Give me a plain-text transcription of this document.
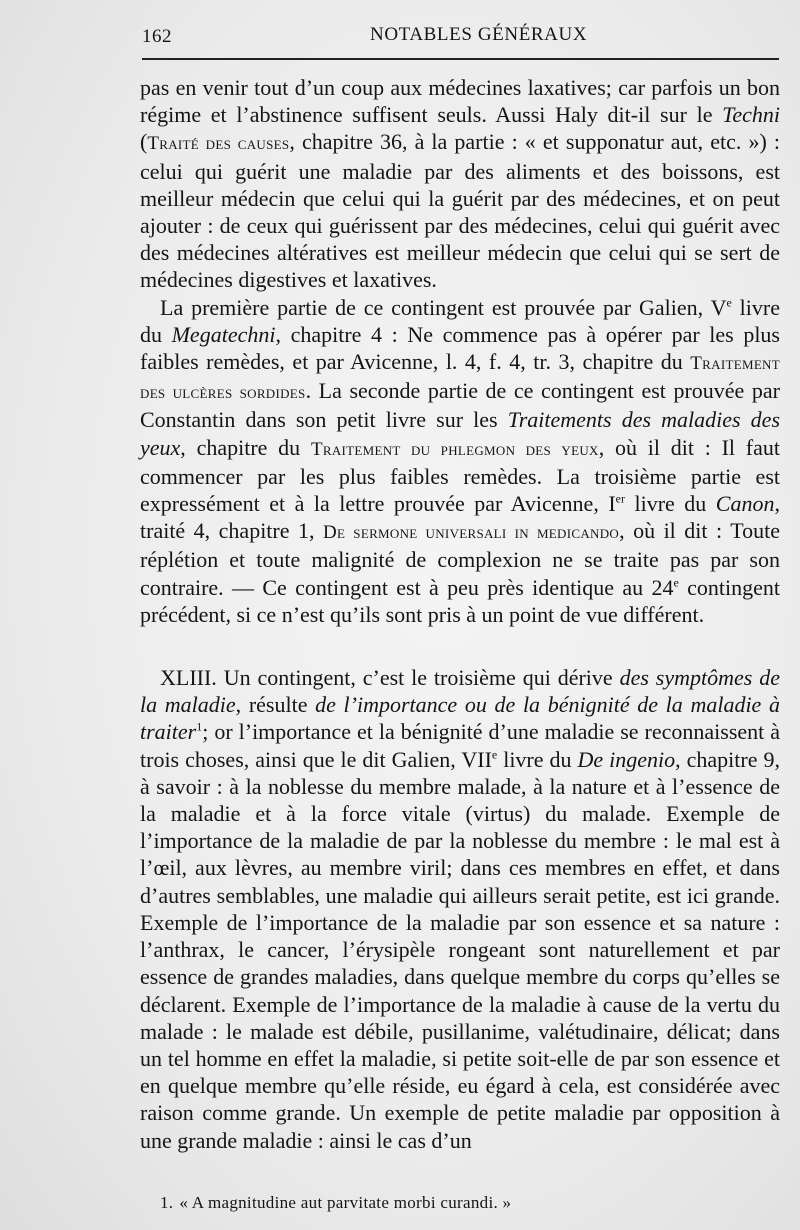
162	NOTABLES GÉNÉRAUX

pas en venir tout d’un coup aux médecines laxatives; car parfois un bon régime et l’abstinence suffisent seuls. Aussi Haly dit-il sur le Techni (Traité des causes, chapitre 36, à la partie : « et supponatur aut, etc. ») : celui qui guérit une maladie par des aliments et des boissons, est meilleur médecin que celui qui la guérit par des médecines, et on peut ajouter : de ceux qui guérissent par des médecines, celui qui guérit avec des médecines altératives est meilleur médecin que celui qui se sert de médecines digestives et laxatives.

La première partie de ce contingent est prouvée par Galien, Ve livre du Megatechni, chapitre 4 : Ne commence pas à opérer par les plus faibles remèdes, et par Avicenne, l. 4, f. 4, tr. 3, chapitre du Traitement des ulcères sordides. La seconde partie de ce contingent est prouvée par Constantin dans son petit livre sur les Traitements des maladies des yeux, chapitre du Traitement du phlegmon des yeux, où il dit : Il faut commencer par les plus faibles remèdes. La troisième partie est expressément et à la lettre prouvée par Avicenne, Ier livre du Canon, traité 4, chapitre 1, De sermone universali in medicando, où il dit : Toute réplétion et toute malignité de complexion ne se traite pas par son contraire. — Ce contingent est à peu près identique au 24e contingent précédent, si ce n’est qu’ils sont pris à un point de vue différent.

XLIII. Un contingent, c’est le troisième qui dérive des symptômes de la maladie, résulte de l’importance ou de la bénignité de la maladie à traiter$^1$; or l’importance et la bénignité d’une maladie se reconnaissent à trois choses, ainsi que le dit Galien, VIIe livre du De ingenio, chapitre 9, à savoir : à la noblesse du membre malade, à la nature et à l’essence de la maladie et à la force vitale (virtus) du malade. Exemple de l’importance de la maladie de par la noblesse du membre : le mal est à l’œil, aux lèvres, au membre viril; dans ces membres en effet, et dans d’autres semblables, une maladie qui ailleurs serait petite, est ici grande. Exemple de l’importance de la maladie par son essence et sa nature : l’anthrax, le cancer, l’érysipèle rongeant sont naturellement et par essence de grandes maladies, dans quelque membre du corps qu’elles se déclarent. Exemple de l’importance de la maladie à cause de la vertu du malade : le malade est débile, pusillanime, valétudinaire, délicat; dans un tel homme en effet la maladie, si petite soit-elle de par son essence et en quelque membre qu’elle réside, eu égard à cela, est considérée avec raison comme grande. Un exemple de petite maladie par opposition à une grande maladie : ainsi le cas d’un

1. « A magnitudine aut parvitate morbi curandi. »
